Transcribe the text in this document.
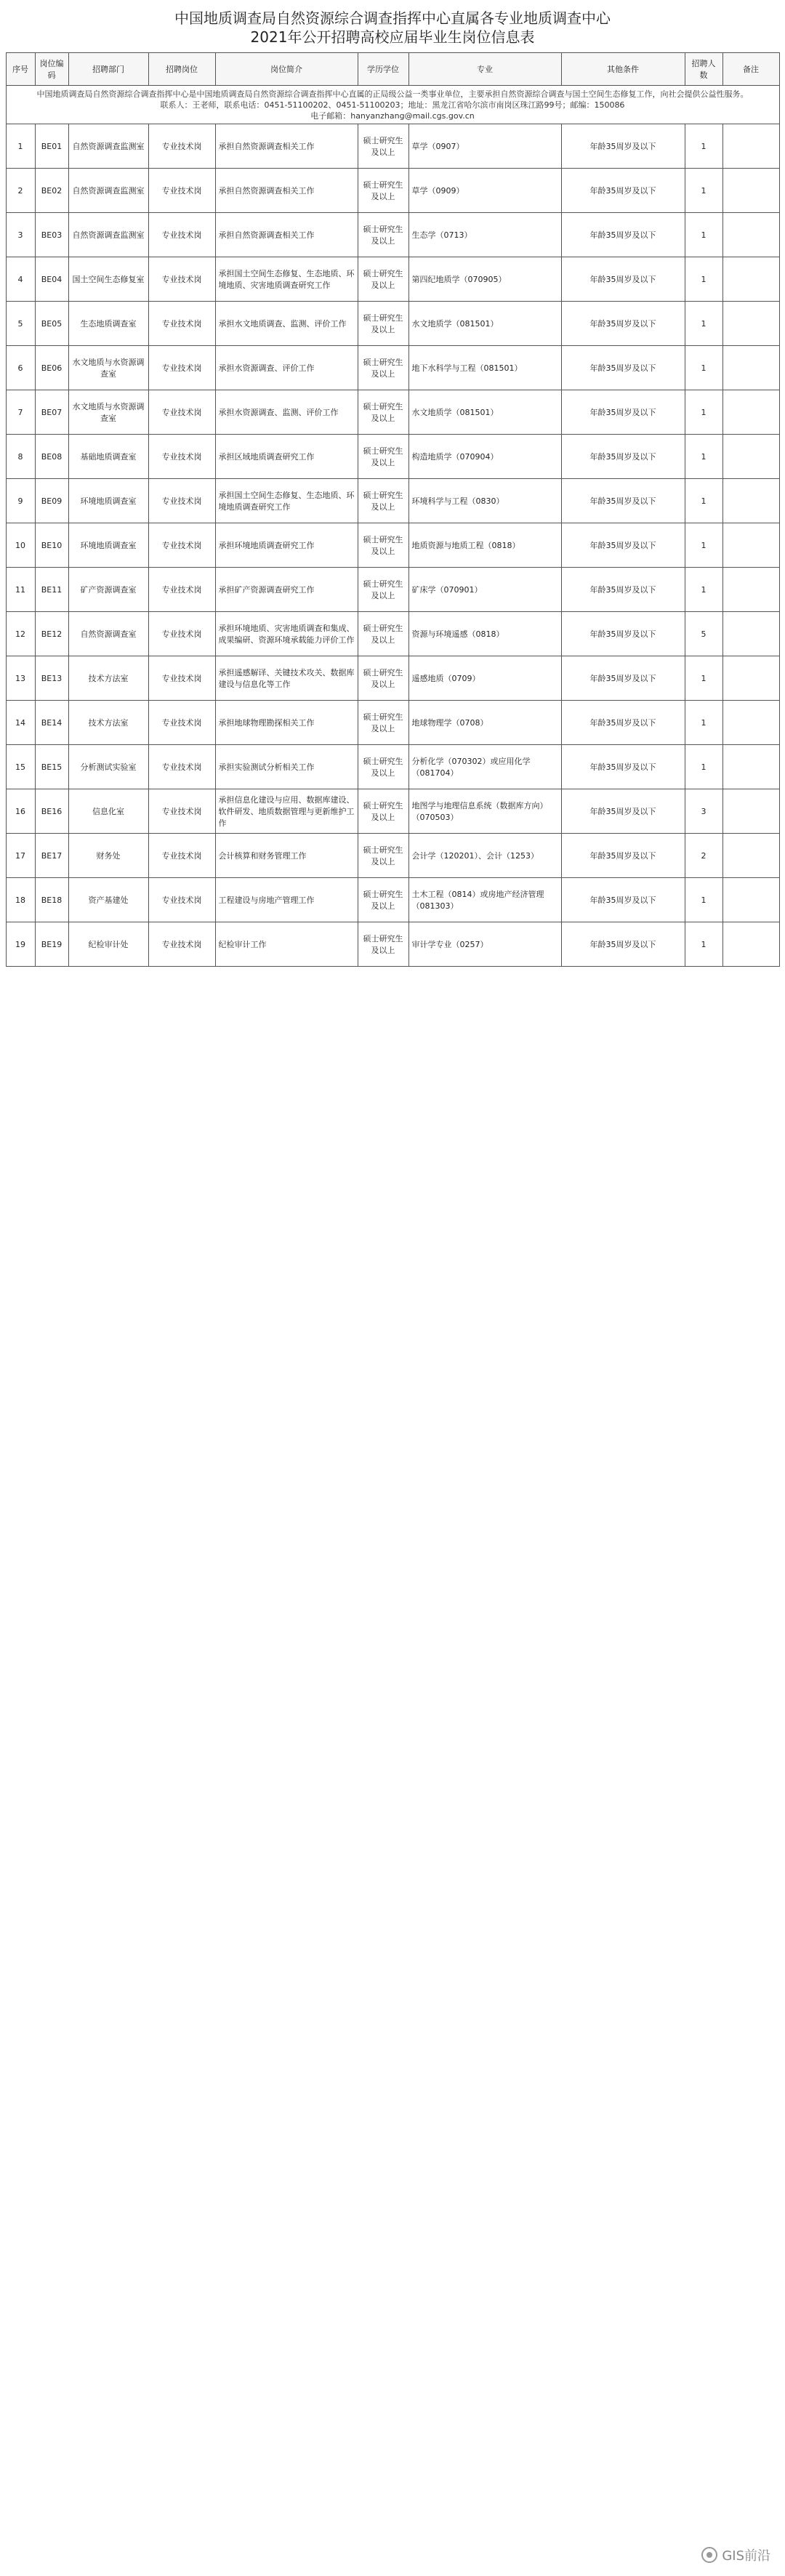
中国地质调查局自然资源综合调查指挥中心直属各专业地质调查中心
2021年公开招聘高校应届毕业生岗位信息表
序号	岗位编码	招聘部门	招聘岗位	岗位简介	学历学位	专业	其他条件	招聘人数	备注

中国地质调查局自然资源综合调查指挥中心是中国地质调查局自然资源综合调查指挥中心直属的正局级公益一类事业单位，主要承担自然资源综合调查与国土空间生态修复工作，向社会提供公益性服务。
联系人：王老师，联系电话：0451-51100202、0451-51100203；地址：黑龙江省哈尔滨市南岗区珠江路99号；邮编：150086
电子邮箱：hanyanzhang@mail.cgs.gov.cn									

1	BE01	自然资源调查监测室	专业技术岗	承担自然资源调查相关工作	硕士研究生及以上	草学（0907）	年龄35周岁及以下	1	
2	BE02	自然资源调查监测室	专业技术岗	承担自然资源调查相关工作	硕士研究生及以上	草学（0909）	年龄35周岁及以下	1	
3	BE03	自然资源调查监测室	专业技术岗	承担自然资源调查相关工作	硕士研究生及以上	生态学（0713）	年龄35周岁及以下	1	
4	BE04	国土空间生态修复室	专业技术岗	承担国土空间生态修复、生态地质、环境地质、灾害地质调查研究工作	硕士研究生及以上	第四纪地质学（070905）	年龄35周岁及以下	1	
5	BE05	生态地质调查室	专业技术岗	承担水文地质调查、监测、评价工作	硕士研究生及以上	水文地质学（081501）	年龄35周岁及以下	1	
6	BE06	水文地质与水资源调查室	专业技术岗	承担水资源调查、评价工作	硕士研究生及以上	地下水科学与工程（081501）	年龄35周岁及以下	1	
7	BE07	水文地质与水资源调查室	专业技术岗	承担水资源调查、监测、评价工作	硕士研究生及以上	水文地质学（081501）	年龄35周岁及以下	1	
8	BE08	基础地质调查室	专业技术岗	承担区域地质调查研究工作	硕士研究生及以上	构造地质学（070904）	年龄35周岁及以下	1	
9	BE09	环境地质调查室	专业技术岗	承担国土空间生态修复、生态地质、环境地质调查研究工作	硕士研究生及以上	环境科学与工程（0830）	年龄35周岁及以下	1	
10	BE10	环境地质调查室	专业技术岗	承担环境地质调查研究工作	硕士研究生及以上	地质资源与地质工程（0818）	年龄35周岁及以下	1	
11	BE11	矿产资源调查室	专业技术岗	承担矿产资源调查研究工作	硕士研究生及以上	矿床学（070901）	年龄35周岁及以下	1	
12	BE12	自然资源调查室	专业技术岗	承担环境地质、灾害地质调查和集成、成果编研、资源环境承载能力评价工作	硕士研究生及以上	资源与环境遥感（0818）	年龄35周岁及以下	5	
13	BE13	技术方法室	专业技术岗	承担遥感解译、关键技术攻关、数据库建设与信息化等工作	硕士研究生及以上	遥感地质（0709）	年龄35周岁及以下	1	
14	BE14	技术方法室	专业技术岗	承担地球物理勘探相关工作	硕士研究生及以上	地球物理学（0708）	年龄35周岁及以下	1	
15	BE15	分析测试实验室	专业技术岗	承担实验测试分析相关工作	硕士研究生及以上	分析化学（070302）或应用化学（081704）	年龄35周岁及以下	1	
16	BE16	信息化室	专业技术岗	承担信息化建设与应用、数据库建设、软件研发、地质数据管理与更新维护工作	硕士研究生及以上	地图学与地理信息系统（数据库方向）（070503）	年龄35周岁及以下	3	
17	BE17	财务处	专业技术岗	会计核算和财务管理工作	硕士研究生及以上	会计学（120201）、会计（1253）	年龄35周岁及以下	2	
18	BE18	资产基建处	专业技术岗	工程建设与房地产管理工作	硕士研究生及以上	土木工程（0814）或房地产经济管理（081303）	年龄35周岁及以下	1	
19	BE19	纪检审计处	专业技术岗	纪检审计工作	硕士研究生及以上	审计学专业（0257）	年龄35周岁及以下	1	
GIS前沿
